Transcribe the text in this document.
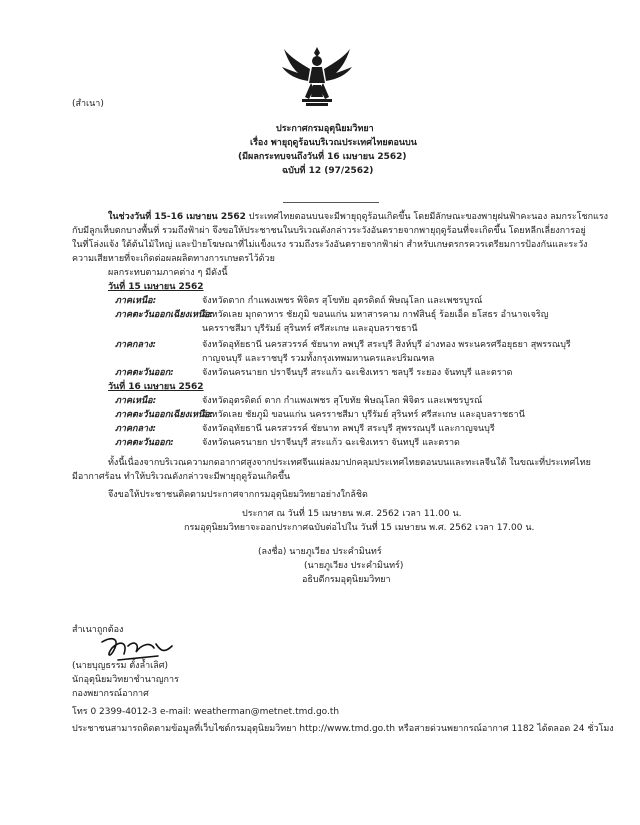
(สำเนา)
ประกาศกรมอุตุนิยมวิทยา
เรื่อง พายุฤดูร้อนบริเวณประเทศไทยตอนบน
(มีผลกระทบจนถึงวันที่ 16 เมษายน 2562)
ฉบับที่ 12 (97/2562)
ในช่วงวันที่ 15-16 เมษายน 2562 ประเทศไทยตอนบนจะมีพายุฤดูร้อนเกิดขึ้น โดยมีลักษณะของพายุฝนฟ้าคะนอง ลมกระโชกแรง
กับมีลูกเห็บตกบางพื้นที่ รวมถึงฟ้าผ่า จึงขอให้ประชาชนในบริเวณดังกล่าวระวังอันตรายจากพายุฤดูร้อนที่จะเกิดขึ้น โดยหลีกเลี่ยงการอยู่
ในที่โล่งแจ้ง ใต้ต้นไม้ใหญ่ และป้ายโฆษณาที่ไม่แข็งแรง รวมถึงระวังอันตรายจากฟ้าผ่า สำหรับเกษตรกรควรเตรียมการป้องกันและระวัง
ความเสียหายที่จะเกิดต่อผลผลิตทางการเกษตรไว้ด้วย
ผลกระทบตามภาคต่าง ๆ มีดังนี้
วันที่ 15 เมษายน 2562
ภาคเหนือ:	จังหวัดตาก กำแพงเพชร พิจิตร สุโขทัย อุตรดิตถ์ พิษณุโลก และเพชรบูรณ์
ภาคตะวันออกเฉียงเหนือ:
จังหวัดเลย มุกดาหาร ชัยภูมิ ขอนแก่น มหาสารคาม กาฬสินธุ์ ร้อยเอ็ด ยโสธร อำนาจเจริญ
นครราชสีมา บุรีรัมย์ สุรินทร์ ศรีสะเกษ และอุบลราชธานี
ภาคกลาง:	จังหวัดอุทัยธานี นครสวรรค์ ชัยนาท ลพบุรี สระบุรี สิงห์บุรี อ่างทอง พระนครศรีอยุธยา สุพรรณบุรี
กาญจนบุรี และราชบุรี รวมทั้งกรุงเทพมหานครและปริมณฑล
ภาคตะวันออก:	จังหวัดนครนายก ปราจีนบุรี สระแก้ว ฉะเชิงเทรา ชลบุรี ระยอง จันทบุรี และตราด
วันที่ 16 เมษายน 2562
ภาคเหนือ:	จังหวัดอุตรดิตถ์ ตาก กำแพงเพชร สุโขทัย พิษณุโลก พิจิตร และเพชรบูรณ์
ภาคตะวันออกเฉียงเหนือ:
จังหวัดเลย ชัยภูมิ ขอนแก่น นครราชสีมา บุรีรัมย์ สุรินทร์ ศรีสะเกษ และอุบลราชธานี
ภาคกลาง:	จังหวัดอุทัยธานี นครสวรรค์ ชัยนาท ลพบุรี สระบุรี สุพรรณบุรี และกาญจนบุรี
ภาคตะวันออก:	จังหวัดนครนายก ปราจีนบุรี สระแก้ว ฉะเชิงเทรา จันทบุรี และตราด
ทั้งนี้เนื่องจากบริเวณความกดอากาศสูงจากประเทศจีนแผ่ลงมาปกคลุมประเทศไทยตอนบนและทะเลจีนใต้ ในขณะที่ประเทศไทย
มีอากาศร้อน ทำให้บริเวณดังกล่าวจะมีพายุฤดูร้อนเกิดขึ้น
จึงขอให้ประชาชนติดตามประกาศจากกรมอุตุนิยมวิทยาอย่างใกล้ชิด
ประกาศ ณ วันที่ 15 เมษายน พ.ศ. 2562 เวลา 11.00 น.
กรมอุตุนิยมวิทยาจะออกประกาศฉบับต่อไปใน วันที่ 15 เมษายน พ.ศ. 2562 เวลา 17.00 น.
(ลงชื่อ) นายภูเวียง ประคำมินทร์
(นายภูเวียง ประคำมินทร์)
อธิบดีกรมอุตุนิยมวิทยา
สำเนาถูกต้อง
(นายบุญธรรม ตั้งล้ำเลิศ)
นักอุตุนิยมวิทยาชำนาญการ
กองพยากรณ์อากาศ
โทร 0 2399-4012-3 e-mail: weatherman@metnet.tmd.go.th
ประชาชนสามารถติดตามข้อมูลที่เว็บไซต์กรมอุตุนิยมวิทยา http://www.tmd.go.th หรือสายด่วนพยากรณ์อากาศ 1182 ได้ตลอด 24 ชั่วโมง
